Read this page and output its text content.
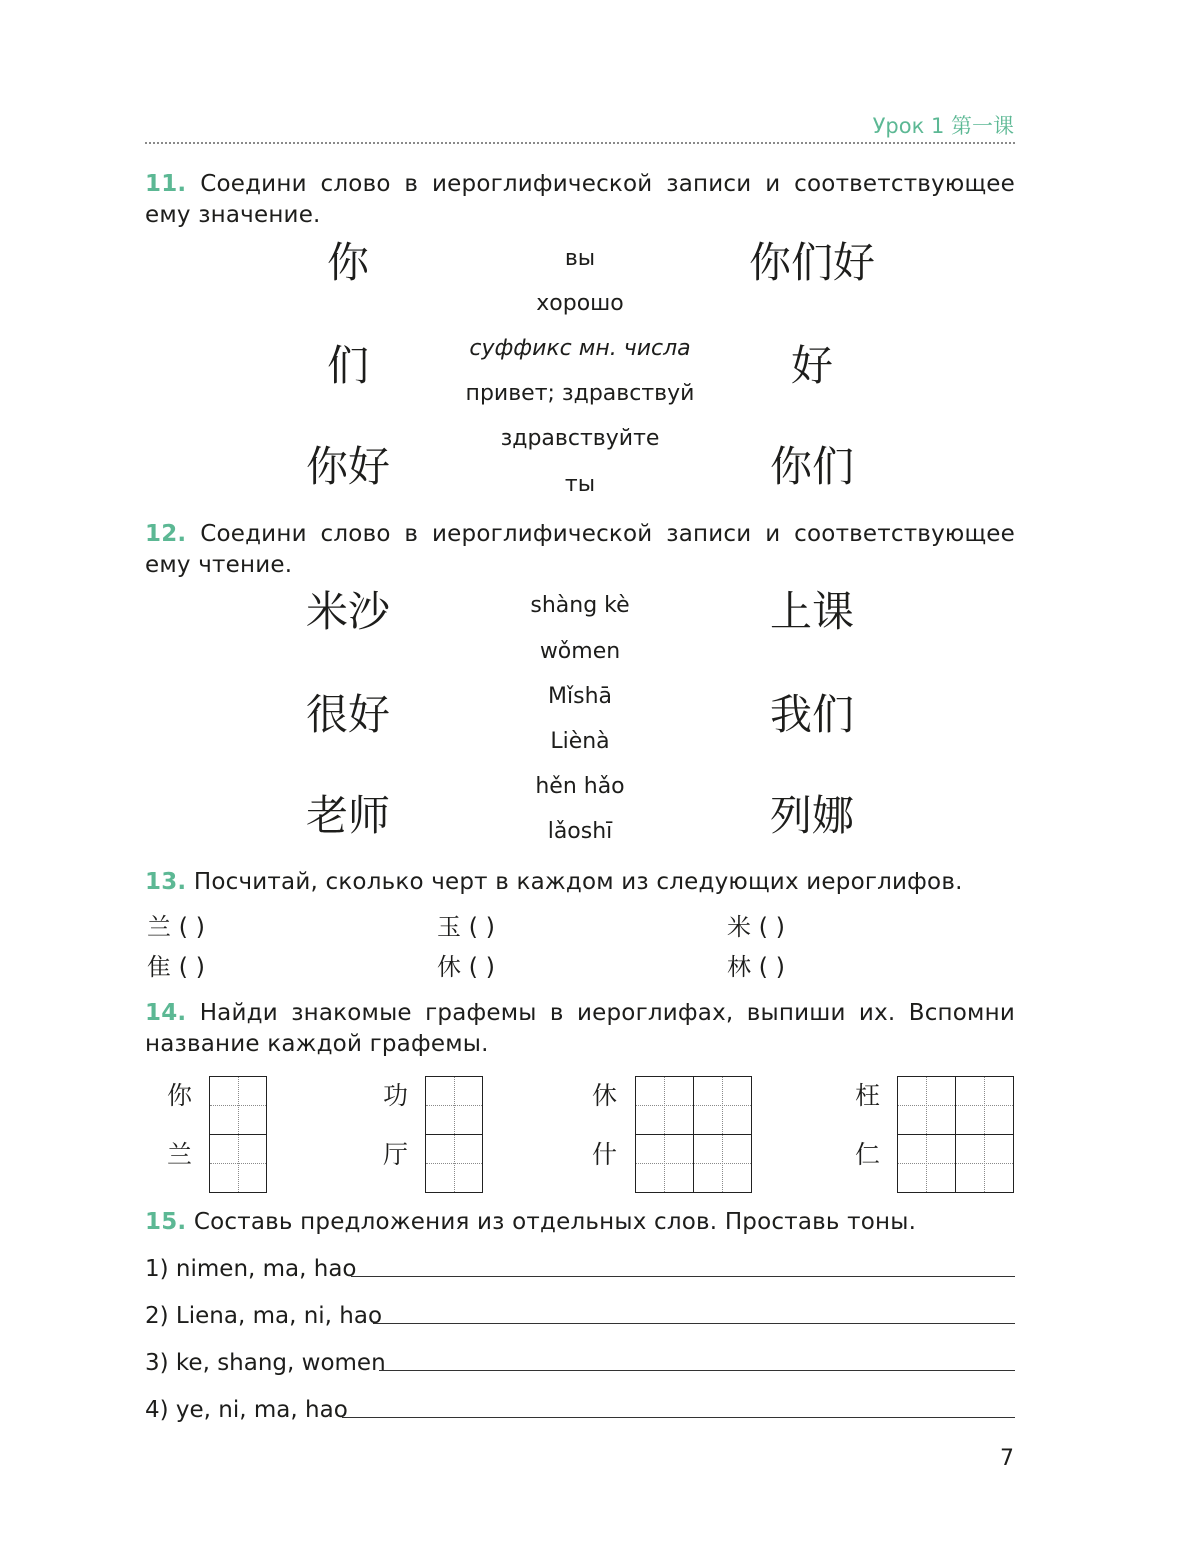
Урок 1 第一课
11. Соедини слово в иероглифической записи и соответствующее ему значение.
你
们
你好
你们好
好
你们
вы
хорошо
суффикс мн. числа
привет; здравствуй
здравствуйте
ты
12. Соедини слово в иероглифической записи и соответствующее ему чтение.
米沙
很好
老师
上课
我们
列娜
shàng kè
wǒmen
Mǐshā
Liènà
hěn hǎo
lǎoshī
13. Посчитай, сколько черт в каждом из следующих иероглифов.
兰 ( )	玉 ( )	米 ( )
隹 ( )	休 ( )	林 ( )
14. Найди знакомые графемы в иероглифах, выпиши их. Вспомни название каждой графемы.
你
兰
功
厅
休
什
枉
仁
15. Составь предложения из отдельных слов. Проставь тоны.
1) nimen, ma, hao
2) Liena, ma, ni, hao
3) ke, shang, women
4) ye, ni, ma, hao
7
